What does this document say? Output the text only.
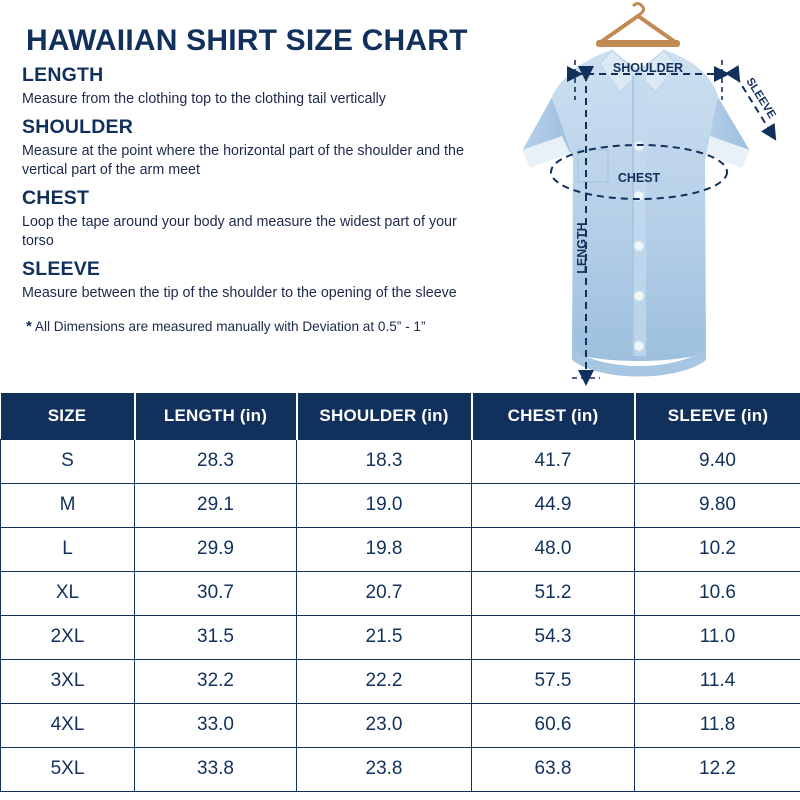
HAWAIIAN SHIRT SIZE CHART
LENGTH
Measure from the clothing top to the clothing tail vertically
SHOULDER
Measure at the point where the horizontal part of the shoulder and the vertical part of the arm meet
CHEST
Loop the tape around your body and measure the widest part of your torso
SLEEVE
Measure between the tip of the shoulder to the opening of the sleeve
* All Dimensions are measured manually with Deviation at 0.5” - 1”
SHOULDER
SLEEVE
CHEST
LENGTH
SIZE	LENGTH (in)	SHOULDER (in)	CHEST (in)	SLEEVE (in)
S	28.3	18.3	41.7	9.40
M	29.1	19.0	44.9	9.80
L	29.9	19.8	48.0	10.2
XL	30.7	20.7	51.2	10.6
2XL	31.5	21.5	54.3	11.0
3XL	32.2	22.2	57.5	11.4
4XL	33.0	23.0	60.6	11.8
5XL	33.8	23.8	63.8	12.2
